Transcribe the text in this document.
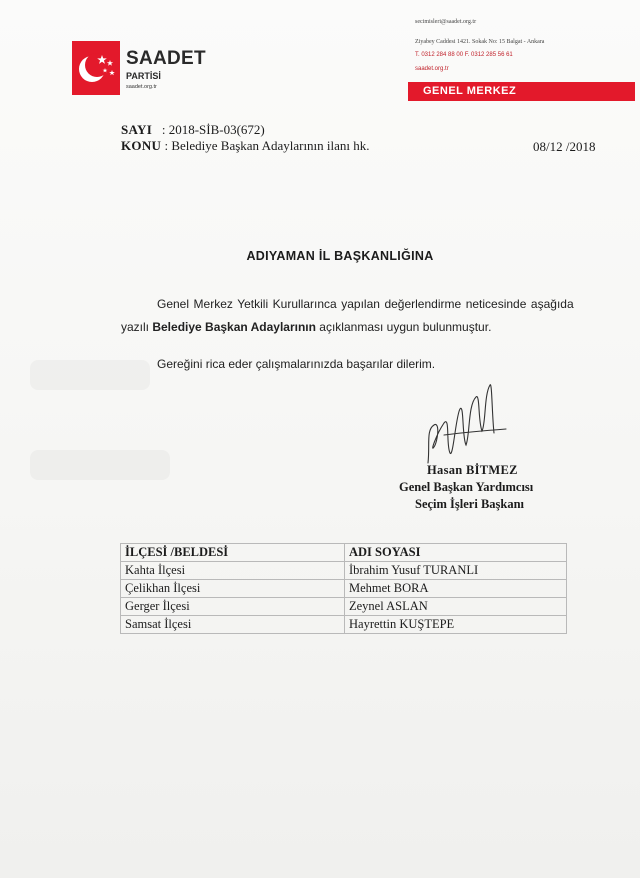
SAADET
PARTİSİ
saadet.org.tr
secimisleri@saadet.org.tr
Ziyabey Caddesi 1421. Sokak No: 15 Balgat - Ankara
T. 0312 284 88 00 F. 0312 285 56 61
saadet.org.tr
GENEL MERKEZ
SAYI : 2018-SİB-03(672)
KONU : Belediye Başkan Adaylarının ilanı hk.	08/12 /2018
ADIYAMAN İL BAŞKANLIĞINA
Genel Merkez Yetkili Kurullarınca yapılan değerlendirme neticesinde aşağıda
yazılı Belediye Başkan Adaylarının açıklanması uygun bulunmuştur.
Gereğini rica eder çalışmalarınızda başarılar dilerim.
Hasan BİTMEZ
Genel Başkan Yardımcısı
Seçim İşleri Başkanı
İLÇESİ /BELDESİ	ADI SOYASI
Kahta İlçesi	İbrahim Yusuf TURANLI
Çelikhan İlçesi	Mehmet BORA
Gerger İlçesi	Zeynel ASLAN
Samsat İlçesi	Hayrettin KUŞTEPE
